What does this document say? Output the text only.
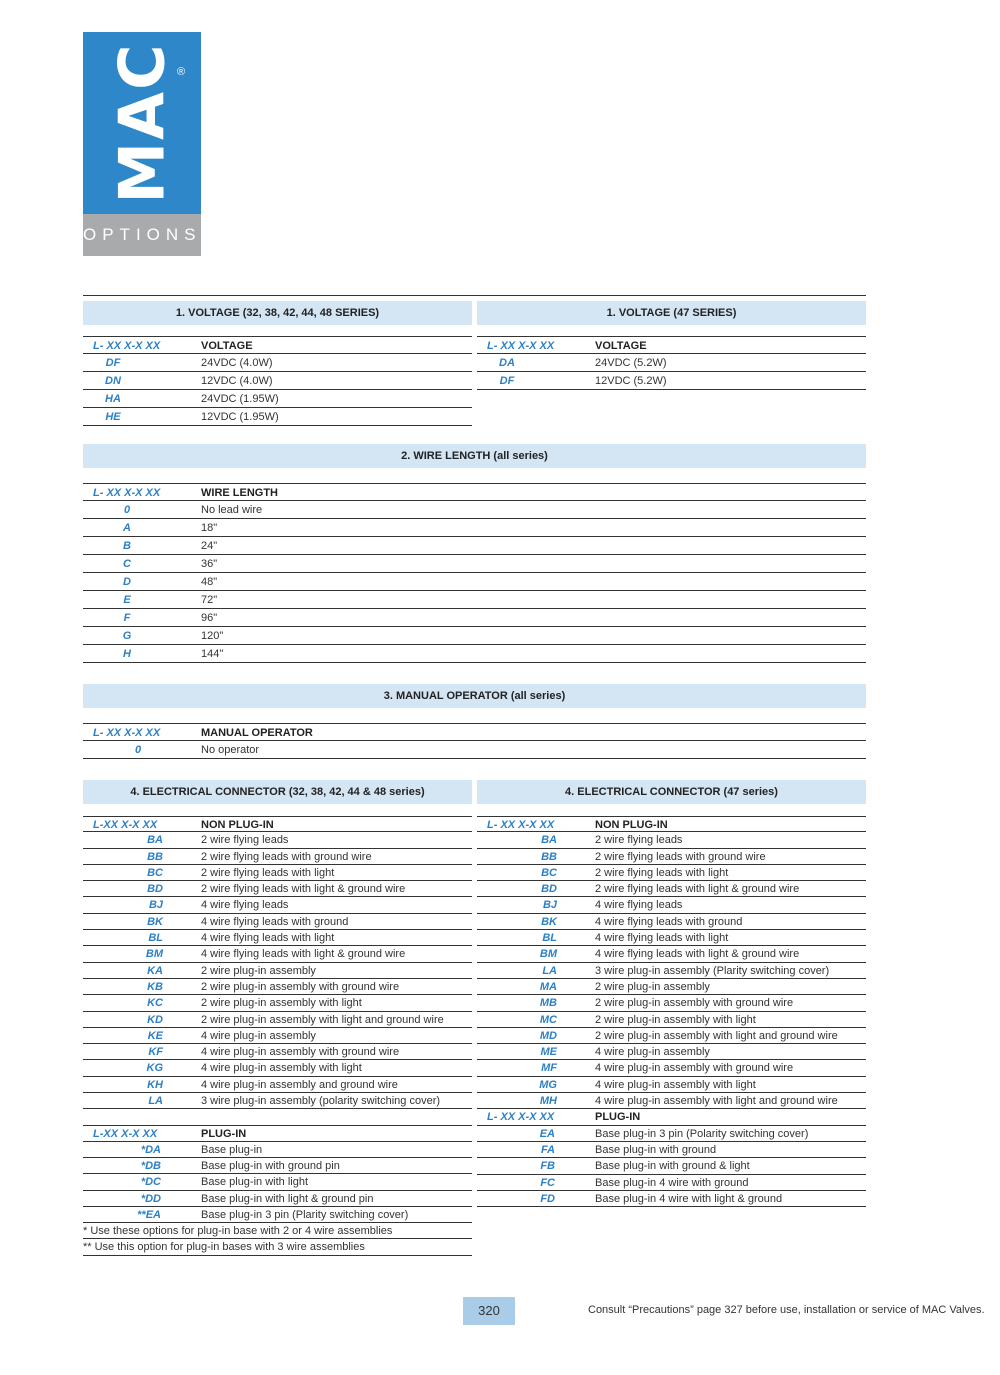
MAC
®
OPTIONS
1. VOLTAGE (32, 38, 42, 44, 48 SERIES)	1. VOLTAGE (47 SERIES)
L- XX X-X XX	VOLTAGE
DF	24VDC (4.0W)
DN	12VDC (4.0W)
HA	24VDC (1.95W)
HE	12VDC (1.95W)
L- XX X-X XX	VOLTAGE
DA	24VDC (5.2W)
DF	12VDC (5.2W)
2. WIRE LENGTH (all series)
L- XX X-X XX	WIRE LENGTH
0	No lead wire
A	18"
B	24"
C	36"
D	48"
E	72"
F	96"
G	120"
H	144"
3. MANUAL OPERATOR (all series)
L- XX X-X XX	MANUAL OPERATOR
0	No operator
4. ELECTRICAL CONNECTOR (32, 38, 42, 44 & 48 series)	4. ELECTRICAL CONNECTOR (47 series)
L-XX X-X XX	NON PLUG-IN
BA	2 wire flying leads
BB	2 wire flying leads with ground wire
BC	2 wire flying leads with light
BD	2 wire flying leads with light & ground wire
BJ	4 wire flying leads
BK	4 wire flying leads with ground
BL	4 wire flying leads with light
BM	4 wire flying leads with light & ground wire
KA	2 wire plug-in assembly
KB	2 wire plug-in assembly with ground wire
KC	2 wire plug-in assembly with light
KD	2 wire plug-in assembly with light and ground wire
KE	4 wire plug-in assembly
KF	4 wire plug-in assembly with ground wire
KG	4 wire plug-in assembly with light
KH	4 wire plug-in assembly and ground wire
LA	3 wire plug-in assembly (polarity switching cover)
L-XX X-X XX	PLUG-IN
*DA	Base plug-in
*DB	Base plug-in with ground pin
*DC	Base plug-in with light
*DD	Base plug-in with light & ground pin
**EA	Base plug-in 3 pin (Plarity switching cover)
* Use these options for plug-in base with 2 or 4 wire assemblies
** Use this option for plug-in bases with 3 wire assemblies
L- XX X-X XX	NON PLUG-IN
BA	2 wire flying leads
BB	2 wire flying leads with ground wire
BC	2 wire flying leads with light
BD	2 wire flying leads with light & ground wire
BJ	4 wire flying leads
BK	4 wire flying leads with ground
BL	4 wire flying leads with light
BM	4 wire flying leads with light & ground wire
LA	3 wire plug-in assembly (Plarity switching cover)
MA	2 wire plug-in assembly
MB	2 wire plug-in assembly with ground wire
MC	2 wire plug-in assembly with light
MD	2 wire plug-in assembly with light and ground wire
ME	4 wire plug-in assembly
MF	4 wire plug-in assembly with ground wire
MG	4 wire plug-in assembly with light
MH	4 wire plug-in assembly with light and ground wire
L- XX X-X XX	PLUG-IN
EA	Base plug-in 3 pin (Polarity switching cover)
FA	Base plug-in with ground
FB	Base plug-in with ground & light
FC	Base plug-in 4 wire with ground
FD	Base plug-in 4 wire with light & ground
320	Consult “Precautions” page 327 before use, installation or service of MAC Valves.
